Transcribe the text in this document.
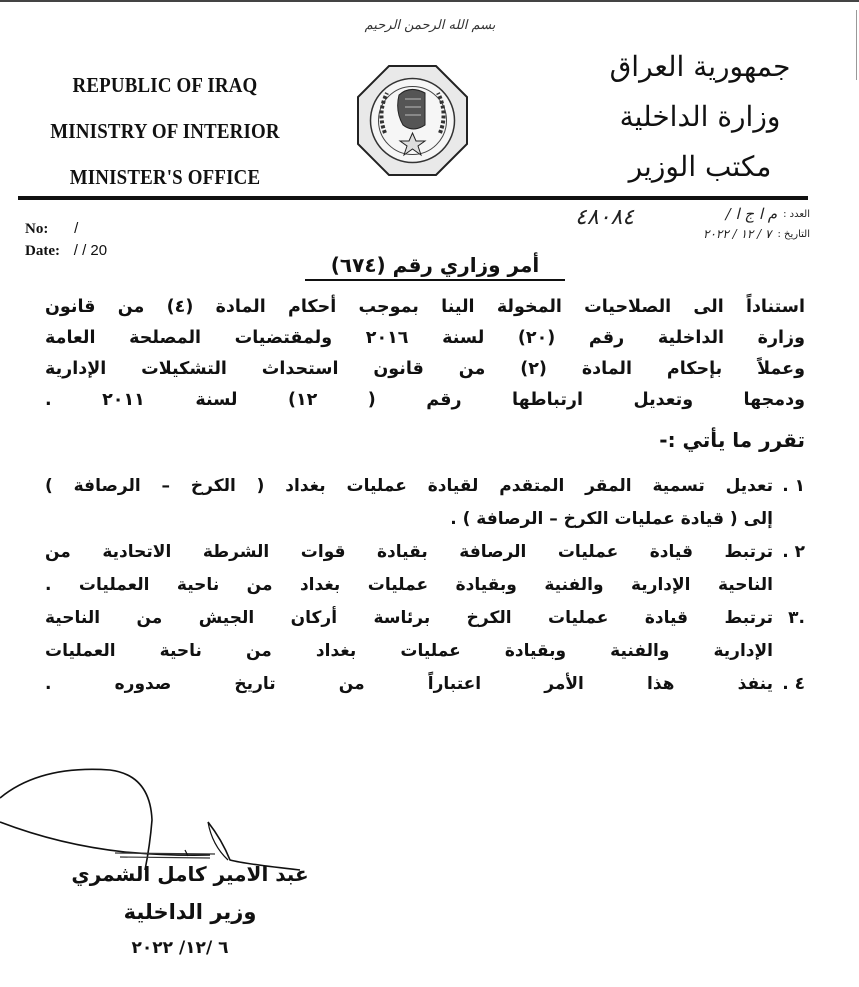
بسم الله الرحمن الرحيم
REPUBLIC OF IRAQ
MINISTRY OF INTERIOR
MINISTER'S OFFICE
جمهورية العراق
وزارة الداخلية
مكتب الوزير
No: /
Date: / / 20
العدد :
م ا ج ا /
التاريخ :
٧ / ١٢ / ٢٠٢٢
٤٨٠٨٤
أمر وزاري رقم (٦٧٤)
استناداً الى الصلاحيات المخولة الينا بموجب أحكام المادة (٤) من قانون
وزارة الداخلية رقم (٢٠) لسنة ٢٠١٦ ولمقتضيات المصلحة العامة
وعملاً بإحكام المادة (٢) من قانون استحداث التشكيلات الإدارية
ودمجها وتعديل ارتباطها رقم ( ١٢) لسنة ٢٠١١ .
تقرر ما يأتي :-
١ .
تعديل تسمية المقر المتقدم لقيادة عمليات بغداد ( الكرخ – الرصافة )
إلى ( قيادة عمليات الكرخ – الرصافة ) .
٢ .
ترتبط قيادة عمليات الرصافة بقيادة قوات الشرطة الاتحادية من
الناحية الإدارية والفنية وبقيادة عمليات بغداد من ناحية العمليات .
.٣
ترتبط قيادة عمليات الكرخ برئاسة أركان الجيش من الناحية
الإدارية والفنية وبقيادة عمليات بغداد من ناحية العمليات
٤ .
ينفذ هذا الأمر اعتباراً من تاريخ صدوره .
عبد الامير كامل الشمري
وزير الداخلية
٦ /١٢/ ٢٠٢٢
